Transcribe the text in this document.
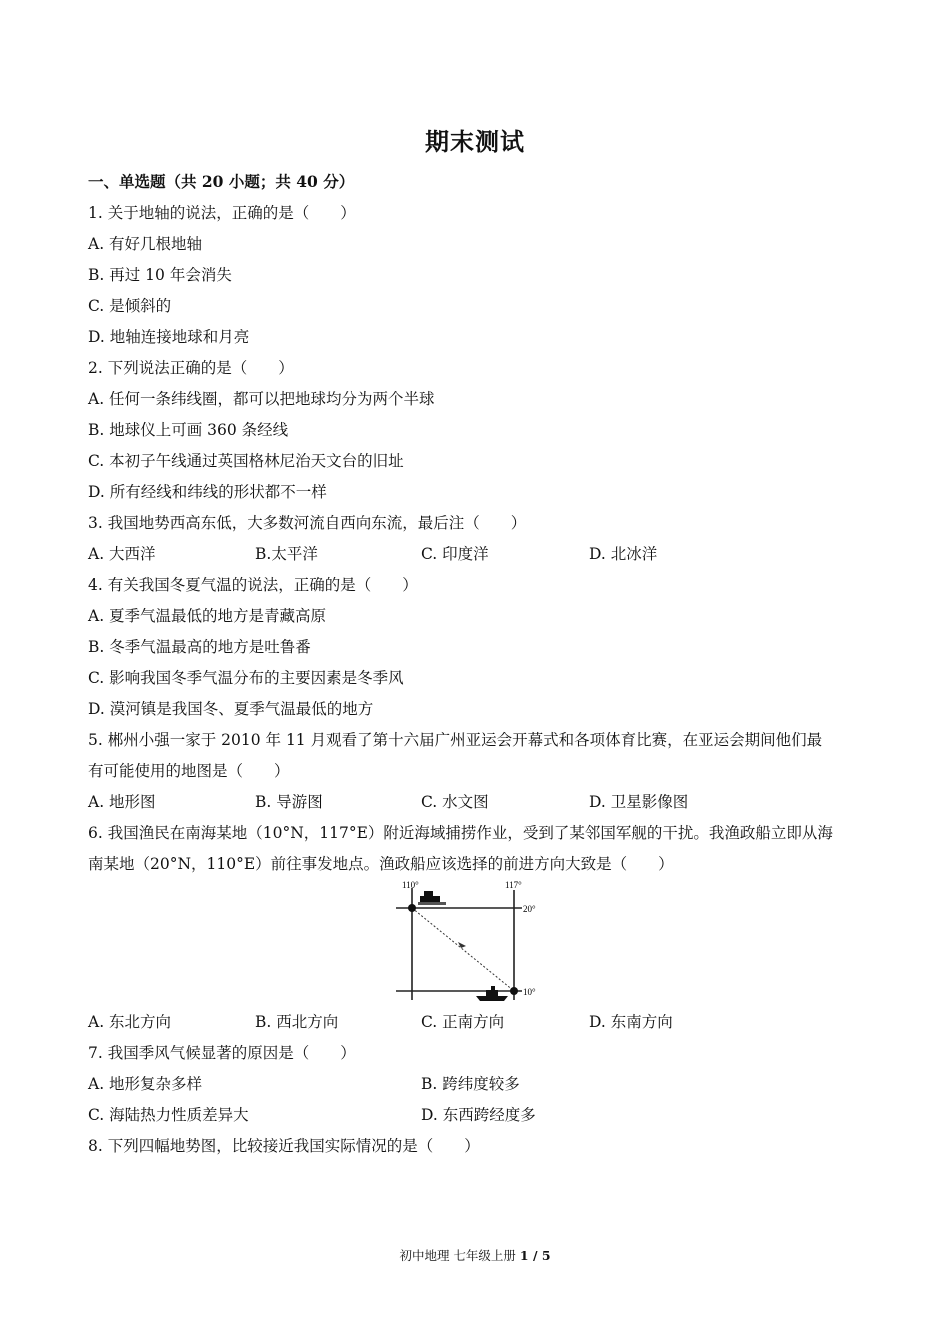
期末测试
一、单选题（共 20 小题；共 40 分）
1. 关于地轴的说法，正确的是（　　）
A. 有好几根地轴
B. 再过 10 年会消失
C. 是倾斜的
D. 地轴连接地球和月亮
2. 下列说法正确的是（　　）
A. 任何一条纬线圈，都可以把地球均分为两个半球
B. 地球仪上可画 360 条经线
C. 本初子午线通过英国格林尼治天文台的旧址
D. 所有经线和纬线的形状都不一样
3. 我国地势西高东低，大多数河流自西向东流，最后注（　　）
A. 大西洋	B.太平洋	C. 印度洋	D. 北冰洋
4. 有关我国冬夏气温的说法，正确的是（　　）
A. 夏季气温最低的地方是青藏高原
B. 冬季气温最高的地方是吐鲁番
C. 影响我国冬季气温分布的主要因素是冬季风
D. 漠河镇是我国冬、夏季气温最低的地方
5. 郴州小强一家于 2010 年 11 月观看了第十六届广州亚运会开幕式和各项体育比赛，在亚运会期间他们最
有可能使用的地图是（　　）
A. 地形图	B. 导游图	C. 水文图	D. 卫星影像图
6. 我国渔民在南海某地（10°N，117°E）附近海域捕捞作业，受到了某邻国军舰的干扰。我渔政船立即从海
南某地（20°N，110°E）前往事发地点。渔政船应该选择的前进方向大致是（　　）
110°	117°
20°
10°
A. 东北方向	B. 西北方向	C. 正南方向	D. 东南方向
7. 我国季风气候显著的原因是（　　）
A. 地形复杂多样	B. 跨纬度较多
C. 海陆热力性质差异大	D. 东西跨经度多
8. 下列四幅地势图，比较接近我国实际情况的是（　　）
初中地理 七年级上册 1 / 5
